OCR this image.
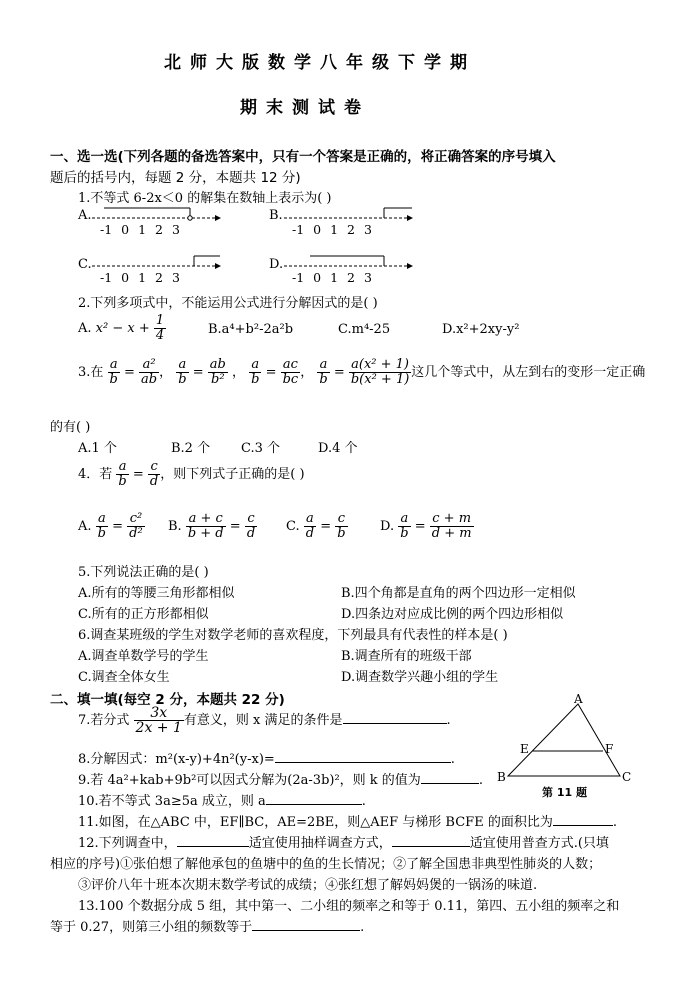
北师大版数学八年级下学期
期末测试卷
一、选一选(下列各题的备选答案中，只有一个答案是正确的，将正确答案的序号填入
题后的括号内，每题 2 分，本题共 12 分)
1.不等式 6-2x＜0 的解集在数轴上表示为( )
A.	B.
C.	D.
-1 0 1 2 3	-1 0 1 2 3
-1 0 1 2 3	-1 0 1 2 3
2.下列多项式中，不能运用公式进行分解因式的是( )
A. $x^2 - x + \frac{1}{4}$	B.a⁴+b²-2a²b	C.m⁴-25	D.x²+2xy-y²
3.在 $\frac{a}{b} = \frac{\text{a²}}{ab}$ ， $\frac{a}{b} = \frac{ab}{\text{b²}}$ ， $\frac{a}{b} = \frac{ac}{bc}$ ， $\frac{a}{b} = \frac{\text{a(x² + 1)}}{\text{b(x² + 1)}}$ 这几个等式中，从左到右的变形一定正确
的有( )
A.1 个	B.2 个 C.3 个	D.4 个
4．若 $\frac{a}{b} = \frac{c}{d}$ ，则下列式子正确的是( )
A. $\frac{a}{b} = \frac{\text{c²}}{\text{d²}} B$. $\frac{a + c}{b + d} = \frac{c}{d} C$. $\frac{a}{d} = \frac{c}{b} D$. $\frac{a}{b} = \frac{c + m}{d + m}$
5.下列说法正确的是( )
A.所有的等腰三角形都相似	B.四个角都是直角的两个四边形一定相似
C.所有的正方形都相似	D.四条边对应成比例的两个四边形相似
6.调查某班级的学生对数学老师的喜欢程度，下列最具有代表性的样本是( )
A.调查单数学号的学生	B.调查所有的班级干部
C.调查全体女生	D.调查数学兴趣小组的学生
二、填一填(每空 2 分，本题共 22 分)
7.若分式 $\frac{3x}{2x + 1}$ 有意义，则 x 满足的条件是	.
8.分解因式：m²(x-y)+4n²(y-x)=	.
9.若 4a²+kab+9b²可以因式分解为(2a-3b)²，则 k 的值为	.
10.若不等式 3a≥5a 成立，则 a	.
11.如图，在△ABC 中，EF∥BC，AE=2BE，则△AEF 与梯形 BCFE 的面积比为	.
12.下列调查中，	适宜使用抽样调查方式，	适宜使用普查方式.(只填
相应的序号)①张伯想了解他承包的鱼塘中的鱼的生长情况；②了解全国患非典型性肺炎的人数；
③评价八年十班本次期末数学考试的成绩；④张红想了解妈妈煲的一锅汤的味道.
13.100 个数据分成 5 组，其中第一、二小组的频率之和等于 0.11，第四、五小组的频率之和
等于 0.27，则第三小组的频数等于	.
A
E	F
B	C
第 11 题
